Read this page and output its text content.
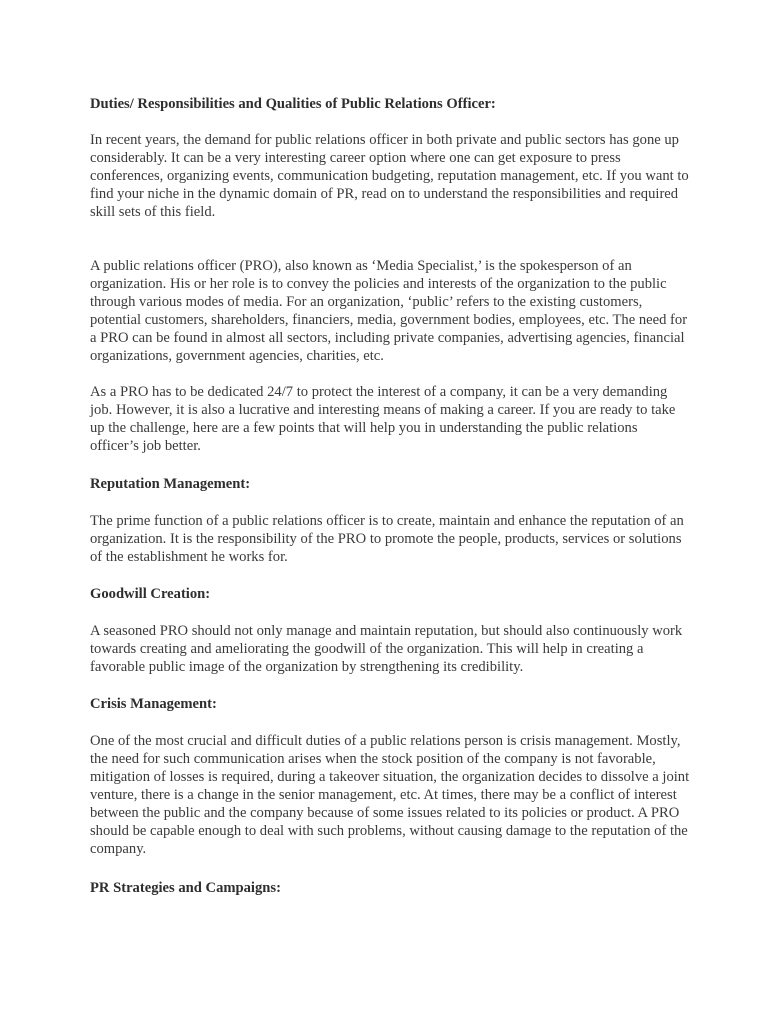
Duties/ Responsibilities and Qualities of Public Relations Officer:

In recent years, the demand for public relations officer in both private and public sectors has gone up considerably. It can be a very interesting career option where one can get exposure to press conferences, organizing events, communication budgeting, reputation management, etc. If you want to find your niche in the dynamic domain of PR, read on to understand the responsibilities and required skill sets of this field.

A public relations officer (PRO), also known as ‘Media Specialist,’ is the spokesperson of an organization. His or her role is to convey the policies and interests of the organization to the public through various modes of media. For an organization, ‘public’ refers to the existing customers, potential customers, shareholders, financiers, media, government bodies, employees, etc. The need for a PRO can be found in almost all sectors, including private companies, advertising agencies, financial organizations, government agencies, charities, etc.

As a PRO has to be dedicated 24/7 to protect the interest of a company, it can be a very demanding job. However, it is also a lucrative and interesting means of making a career. If you are ready to take up the challenge, here are a few points that will help you in understanding the public relations officer’s job better.

Reputation Management:

The prime function of a public relations officer is to create, maintain and enhance the reputation of an organization. It is the responsibility of the PRO to promote the people, products, services or solutions of the establishment he works for.

Goodwill Creation:

A seasoned PRO should not only manage and maintain reputation, but should also continuously work towards creating and ameliorating the goodwill of the organization. This will help in creating a favorable public image of the organization by strengthening its credibility.

Crisis Management:

One of the most crucial and difficult duties of a public relations person is crisis management. Mostly, the need for such communication arises when the stock position of the company is not favorable, mitigation of losses is required, during a takeover situation, the organization decides to dissolve a joint venture, there is a change in the senior management, etc. At times, there may be a conflict of interest between the public and the company because of some issues related to its policies or product. A PRO should be capable enough to deal with such problems, without causing damage to the reputation of the company.

PR Strategies and Campaigns:
